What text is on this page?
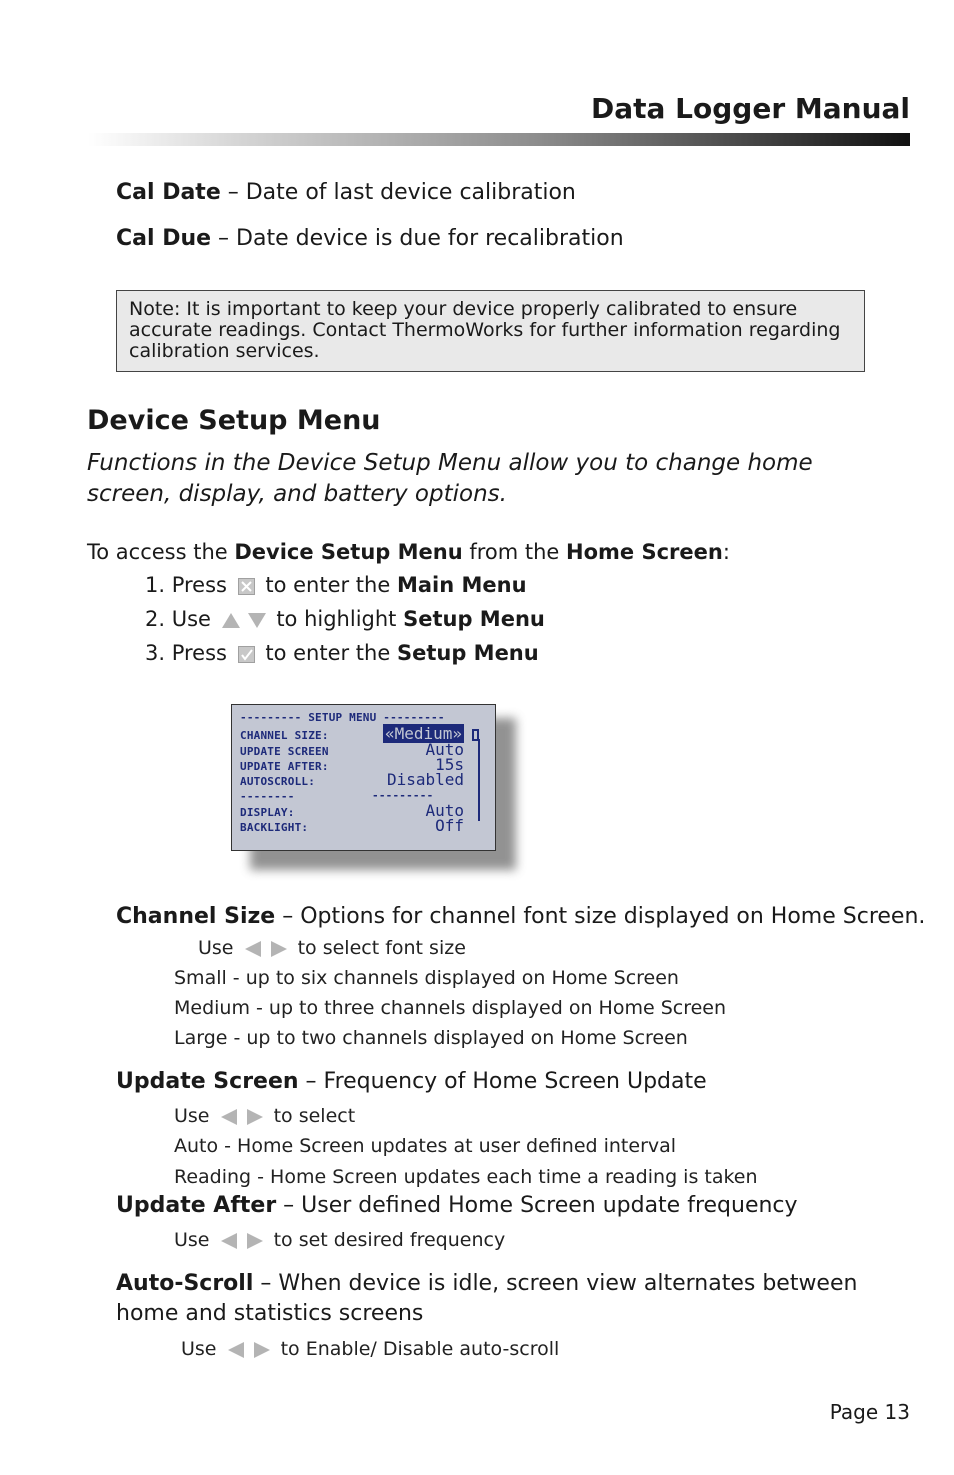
Data Logger Manual
Cal Date – Date of last device calibration
Cal Due – Date device is due for recalibration
Note: It is important to keep your device properly calibrated to ensure accurate readings. Contact ThermoWorks for further information regarding calibration services.
Device Setup Menu
Functions in the Device Setup Menu allow you to change home screen, display, and battery options.
To access the Device Setup Menu from the Home Screen:
1. Press to enter the Main Menu
2. Use	to highlight Setup Menu
3. Press to enter the Setup Menu
--------- SETUP MENU ---------
CHANNEL SIZE:	«Medium»
UPDATE SCREEN	Auto
UPDATE AFTER:	15s
AUTOSCROLL:	Disabled
--------	---------
DISPLAY:	Auto
BACKLIGHT:	Off
Channel Size – Options for channel font size displayed on Home Screen.
Use	to select font size
Small - up to six channels displayed on Home Screen
Medium - up to three channels displayed on Home Screen
Large - up to two channels displayed on Home Screen
Update Screen – Frequency of Home Screen Update
Use	to select
Auto - Home Screen updates at user defined interval
Reading - Home Screen updates each time a reading is taken
Update After – User defined Home Screen update frequency
Use	to set desired frequency
Auto-Scroll – When device is idle, screen view alternates between
home and statistics screens
Use	to Enable/ Disable auto-scroll
Page 13
